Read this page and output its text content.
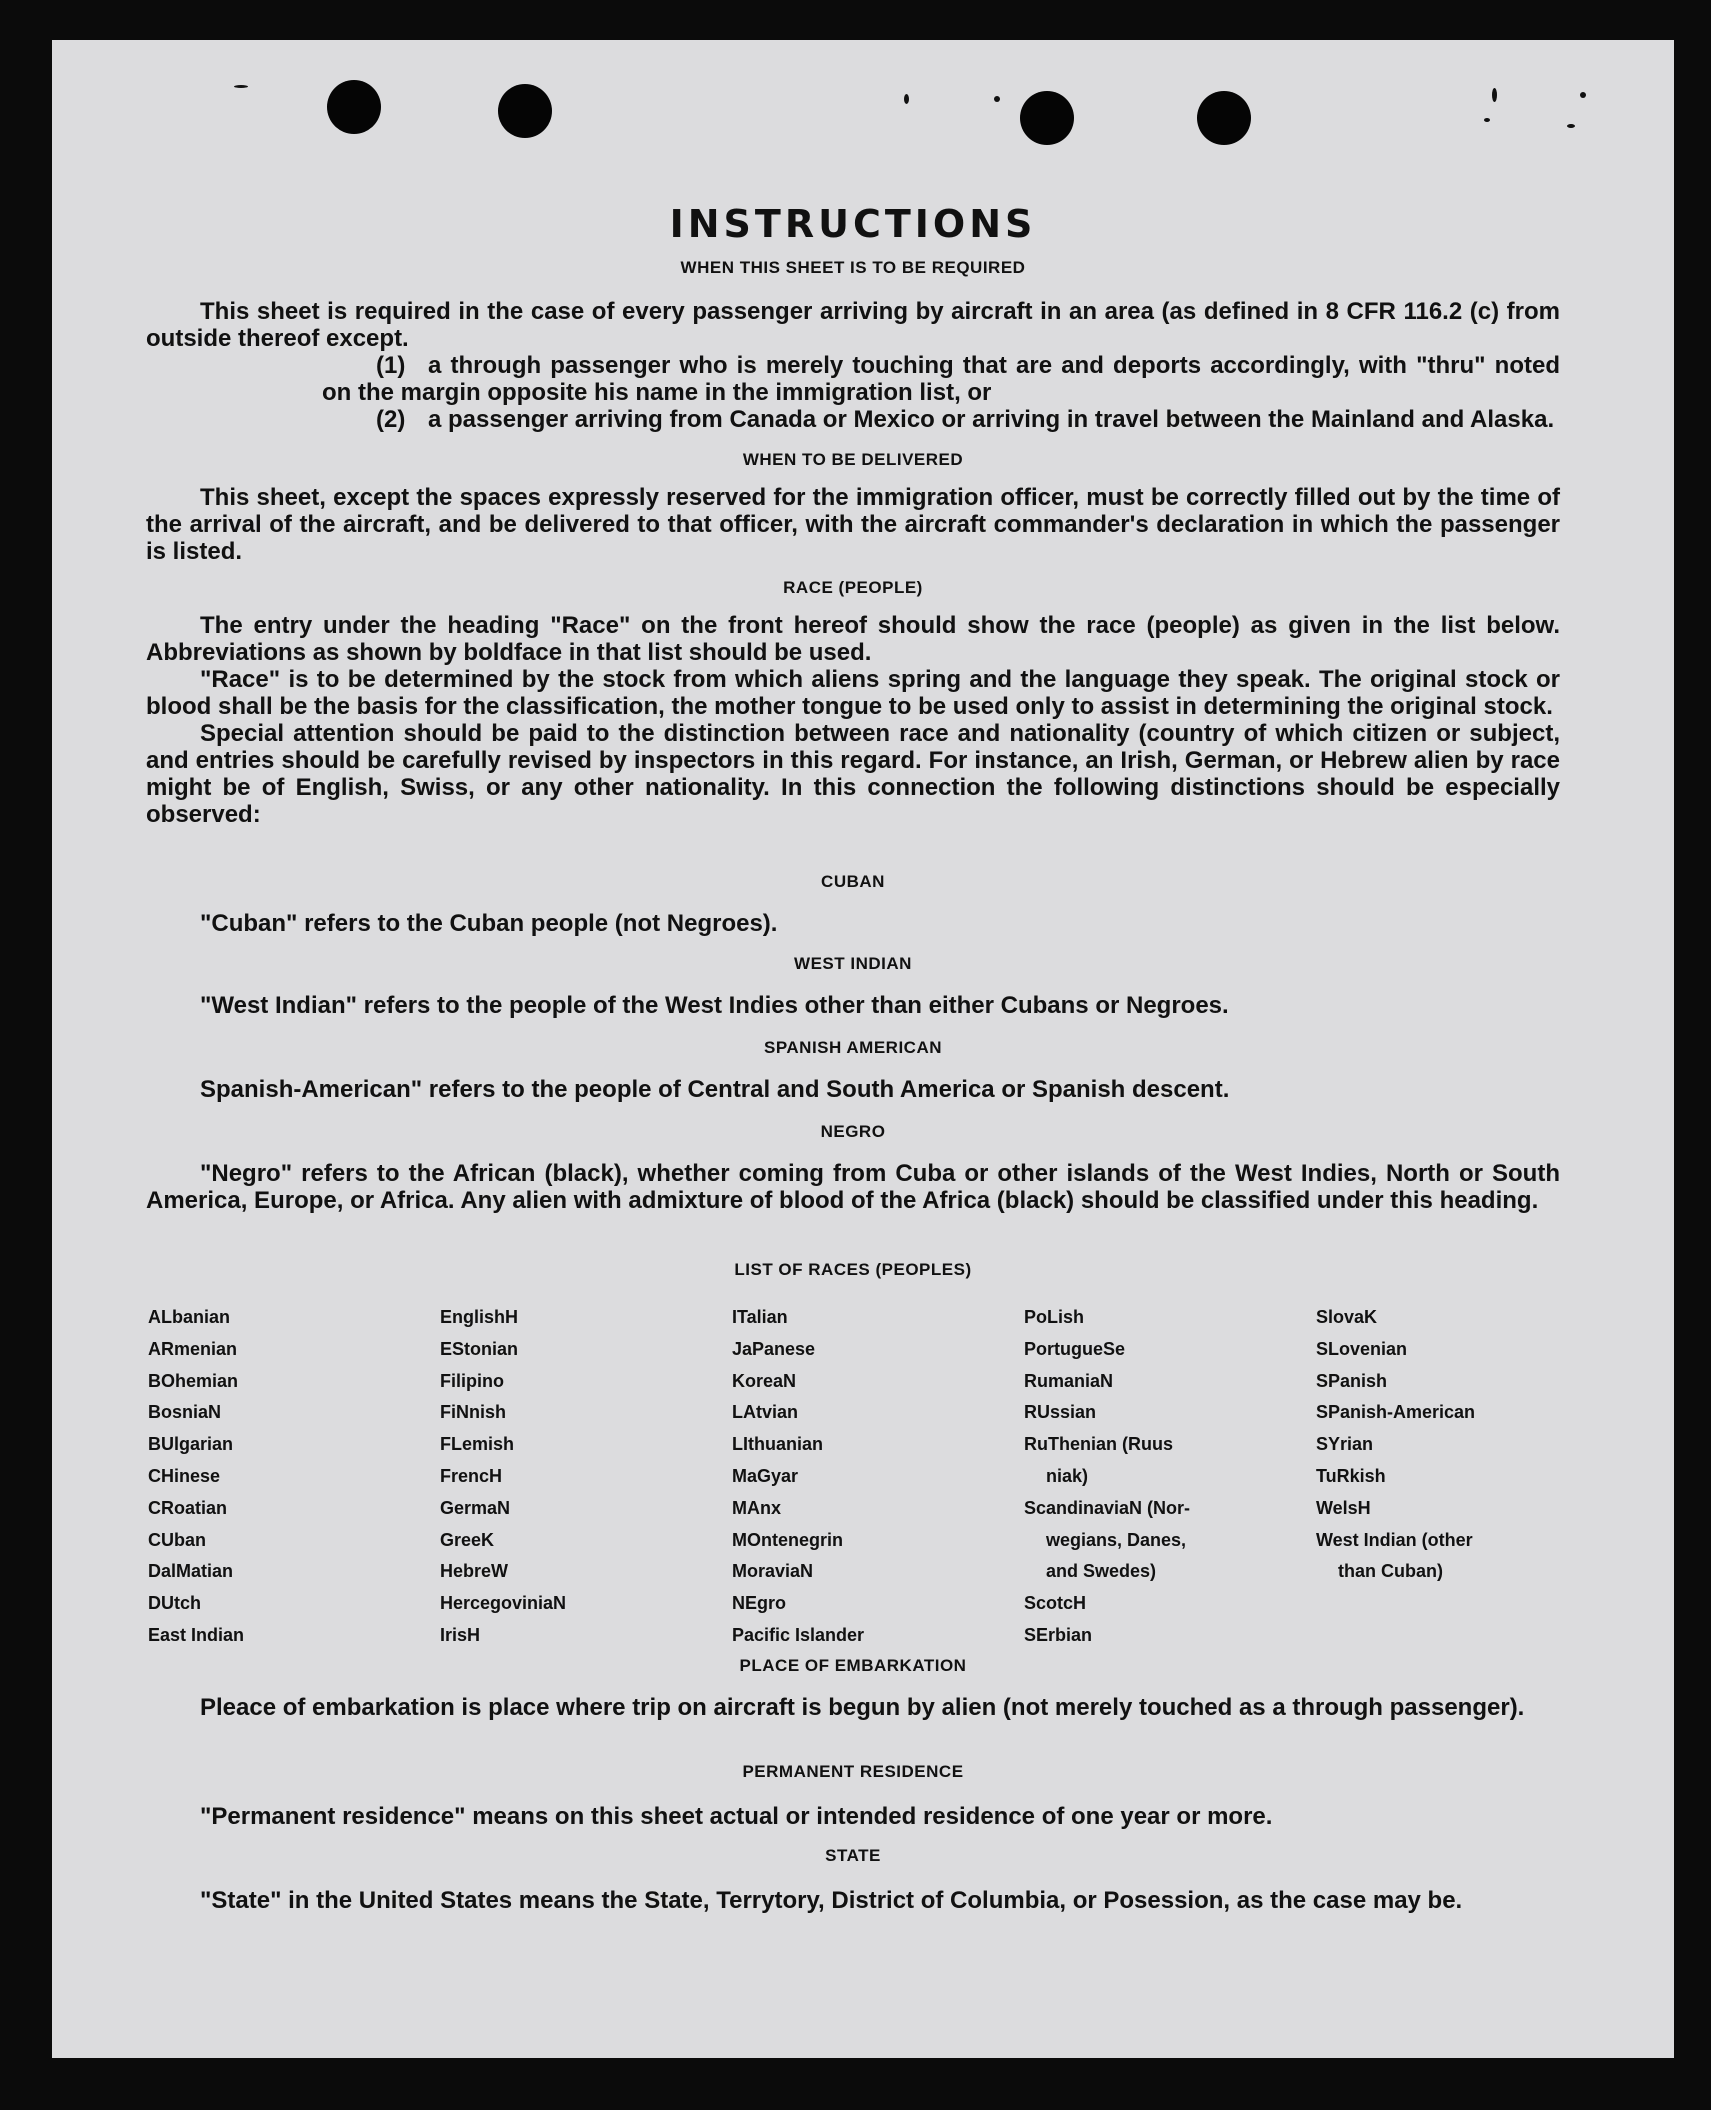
INSTRUCTIONS
WHEN THIS SHEET IS TO BE REQUIRED

This sheet is required in the case of every passenger arriving by aircraft in an area (as defined in 8 CFR 116.2 (c) from outside thereof except.

(1) a through passenger who is merely touching that are and deports accordingly, with "thru" noted on the margin opposite his name in the immigration list, or

(2) a passenger arriving from Canada or Mexico or arriving in travel between the Mainland and Alaska.

WHEN TO BE DELIVERED

This sheet, except the spaces expressly reserved for the immigration officer, must be correctly filled out by the time of the arrival of the aircraft, and be delivered to that officer, with the aircraft commander's declaration in which the passenger is listed.

RACE (PEOPLE)

The entry under the heading "Race" on the front hereof should show the race (people) as given in the list below. Abbreviations as shown by boldface in that list should be used.

"Race" is to be determined by the stock from which aliens spring and the language they speak. The original stock or blood shall be the basis for the classification, the mother tongue to be used only to assist in determining the original stock.

Special attention should be paid to the distinction between race and nationality (country of which citizen or subject, and entries should be carefully revised by inspectors in this regard. For instance, an Irish, German, or Hebrew alien by race might be of English, Swiss, or any other nationality. In this connection the following distinctions should be especially observed:

CUBAN

"Cuban" refers to the Cuban people (not Negroes).

WEST INDIAN

"West Indian" refers to the people of the West Indies other than either Cubans or Negroes.

SPANISH AMERICAN

Spanish-American" refers to the people of Central and South America or Spanish descent.

NEGRO

"Negro" refers to the African (black), whether coming from Cuba or other islands of the West Indies, North or South America, Europe, or Africa. Any alien with admixture of blood of the Africa (black) should be classified under this heading.

LIST OF RACES (PEOPLES)
ALbanian
ARmenian
BOhemian
BosniaN
BUlgarian
CHinese
CRoatian
CUban
DalMatian
DUtch
East Indian
EnglishH
EStonian
Filipino
FiNnish
FLemish
FrencH
GermaN
GreeK
HebreW
HercegoviniaN
IrisH
ITalian
JaPanese
KoreaN
LAtvian
LIthuanian
MaGyar
MAnx
MOntenegrin
MoraviaN
NEgro
Pacific Islander
PoLish
PortugueSe
RumaniaN
RUssian
RuThenian (Ruus
niak)
ScandinaviaN (Nor-
wegians, Danes,
and Swedes)
ScotcH
SErbian
SlovaK
SLovenian
SPanish
SPanish-American
SYrian
TuRkish
WelsH
West Indian (other
than Cuban)
PLACE OF EMBARKATION

Pleace of embarkation is place where trip on aircraft is begun by alien (not merely touched as a through passenger).

PERMANENT RESIDENCE

"Permanent residence" means on this sheet actual or intended residence of one year or more.

STATE

"State" in the United States means the State, Terrytory, District of Columbia, or Posession, as the case may be.
